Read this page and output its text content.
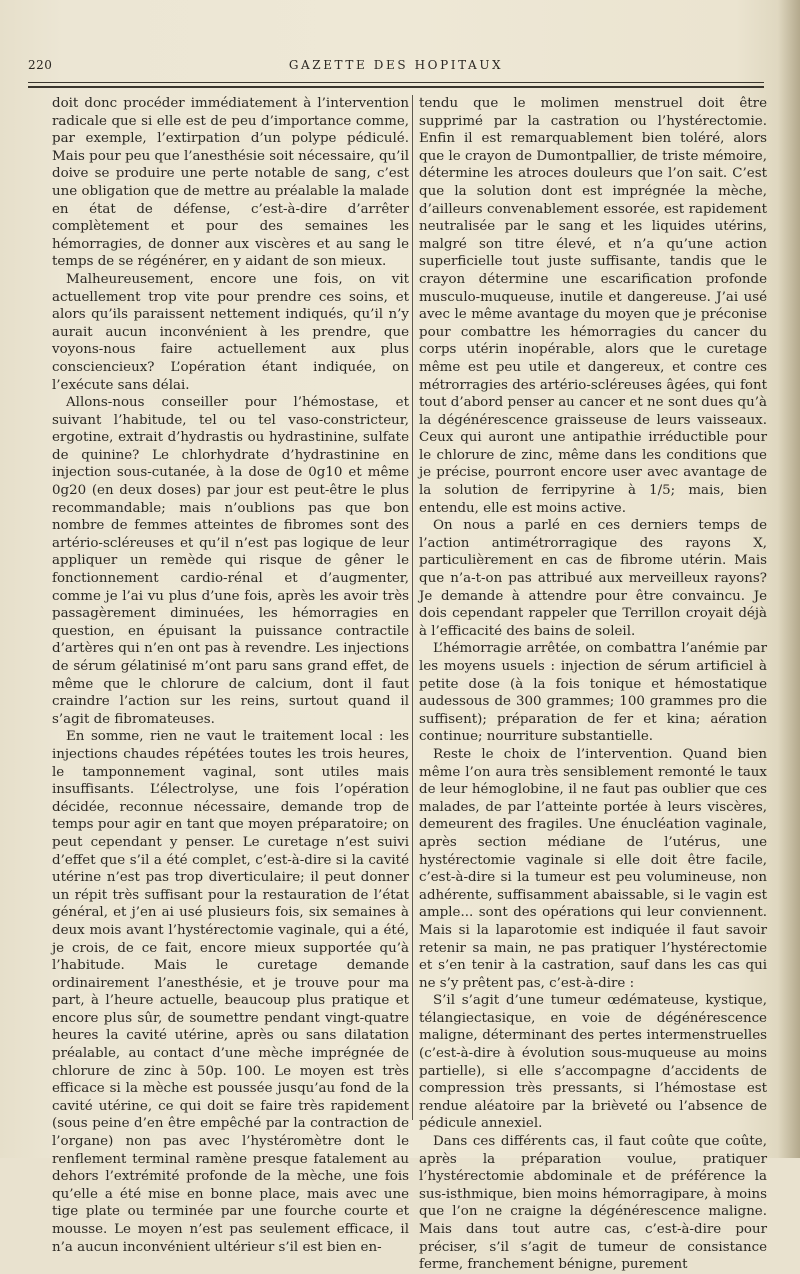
220	GAZETTE DES HOPITAUX

doit donc procéder immédiatement à l’intervention radicale que si elle est de peu d’importance comme, par exemple, l’extirpation d’un polype pédiculé. Mais pour peu que l’anesthésie soit nécessaire, qu’il doive se produire une perte notable de sang, c’est une obligation que de mettre au préalable la malade en état de défense, c’est-à-dire d’arrêter complètement et pour des semaines les hémorragies, de donner aux viscères et au sang le temps de se régénérer, en y aidant de son mieux.

Malheureusement, encore une fois, on vit actuellement trop vite pour prendre ces soins, et alors qu’ils paraissent nettement indiqués, qu’il n’y aurait aucun inconvénient à les prendre, que voyons-nous faire actuellement aux plus consciencieux? L’opération étant indiquée, on l’exécute sans délai.

Allons-nous conseiller pour l’hémostase, et suivant l’habitude, tel ou tel vaso-constricteur, ergotine, extrait d’hydrastis ou hydrastinine, sulfate de quinine? Le chlorhydrate d’hydrastinine en injection sous-cutanée, à la dose de 0g10 et même 0g20 (en deux doses) par jour est peut-être le plus recommandable; mais n’oublions pas que bon nombre de femmes atteintes de fibromes sont des artério-scléreuses et qu’il n’est pas logique de leur appliquer un remède qui risque de gêner le fonctionnement cardio-rénal et d’augmenter, comme je l’ai vu plus d’une fois, après les avoir très passagèrement diminuées, les hémorragies en question, en épuisant la puissance contractile d’artères qui n’en ont pas à revendre. Les injections de sérum gélatinisé m’ont paru sans grand effet, de même que le chlorure de calcium, dont il faut craindre l’action sur les reins, surtout quand il s’agit de fibromateuses.

En somme, rien ne vaut le traitement local : les injections chaudes répétées toutes les trois heures, le tamponnement vaginal, sont utiles mais insuffisants. L’électrolyse, une fois l’opération décidée, reconnue nécessaire, demande trop de temps pour agir en tant que moyen préparatoire; on peut cependant y penser. Le curetage n’est suivi d’effet que s’il a été complet, c’est-à-dire si la cavité utérine n’est pas trop diverticulaire; il peut donner un répit très suffisant pour la restauration de l’état général, et j’en ai usé plusieurs fois, six semaines à deux mois avant l’hystérectomie vaginale, qui a été, je crois, de ce fait, encore mieux supportée qu’à l’habitude. Mais le curetage demande ordinairement l’anesthésie, et je trouve pour ma part, à l’heure actuelle, beaucoup plus pratique et encore plus sûr, de soumettre pendant vingt-quatre heures la cavité utérine, après ou sans dilatation préalable, au contact d’une mèche imprégnée de chlorure de zinc à 50p. 100. Le moyen est très efficace si la mèche est poussée jusqu’au fond de la cavité utérine, ce qui doit se faire très rapidement (sous peine d’en être empêché par la contraction de l’organe) non pas avec l’hystéromètre dont le renflement terminal ramène presque fatalement au dehors l’extrémité profonde de la mèche, une fois qu’elle a été mise en bonne place, mais avec une tige plate ou terminée par une fourche courte et mousse. Le moyen n’est pas seulement efficace, il n’a aucun inconvénient ultérieur s’il est bien en-

tendu que le molimen menstruel doit être supprimé par la castration ou l’hystérectomie. Enfin il est remarquablement bien toléré, alors que le crayon de Dumontpallier, de triste mémoire, détermine les atroces douleurs que l’on sait. C’est que la solution dont est imprégnée la mèche, d’ailleurs convenablement essorée, est rapidement neutralisée par le sang et les liquides utérins, malgré son titre élevé, et n’a qu’une action superficielle tout juste suffisante, tandis que le crayon détermine une escarification profonde musculo-muqueuse, inutile et dangereuse. J’ai usé avec le même avantage du moyen que je préconise pour combattre les hémorragies du cancer du corps utérin inopérable, alors que le curetage même est peu utile et dangereux, et contre ces métrorragies des artério-scléreuses âgées, qui font tout d’abord penser au cancer et ne sont dues qu’à la dégénérescence graisseuse de leurs vaisseaux. Ceux qui auront une antipathie irréductible pour le chlorure de zinc, même dans les conditions que je précise, pourront encore user avec avantage de la solution de ferripyrine à 1/5; mais, bien entendu, elle est moins active.

On nous a parlé en ces derniers temps de l’action antimétrorragique des rayons X, particulièrement en cas de fibrome utérin. Mais que n’a-t-on pas attribué aux merveilleux rayons? Je demande à attendre pour être convaincu. Je dois cependant rappeler que Terrillon croyait déjà à l’efficacité des bains de soleil.

L’hémorragie arrêtée, on combattra l’anémie par les moyens usuels : injection de sérum artificiel à petite dose (à la fois tonique et hémostatique audessous de 300 grammes; 100 grammes pro die suffisent); préparation de fer et kina; aération continue; nourriture substantielle.

Reste le choix de l’intervention. Quand bien même l’on aura très sensiblement remonté le taux de leur hémoglobine, il ne faut pas oublier que ces malades, de par l’atteinte portée à leurs viscères, demeurent des fragiles. Une énucléation vaginale, après section médiane de l’utérus, une hystérectomie vaginale si elle doit être facile, c’est-à-dire si la tumeur est peu volumineuse, non adhérente, suffisamment abaissable, si le vagin est ample... sont des opérations qui leur conviennent. Mais si la laparotomie est indiquée il faut savoir retenir sa main, ne pas pratiquer l’hystérectomie et s’en tenir à la castration, sauf dans les cas qui ne s’y prêtent pas, c’est-à-dire :

S’il s’agit d’une tumeur œdémateuse, kystique, télangiectasique, en voie de dégénérescence maligne, déterminant des pertes intermenstruelles (c’est-à-dire à évolution sous-muqueuse au moins partielle), si elle s’accompagne d’accidents de compression très pressants, si l’hémostase est rendue aléatoire par la brièveté ou l’absence de pédicule annexiel.

Dans ces différents cas, il faut coûte que coûte, après la préparation voulue, pratiquer l’hystérectomie abdominale et de préférence la sus-isthmique, bien moins hémorragipare, à moins que l’on ne craigne la dégénérescence maligne. Mais dans tout autre cas, c’est-à-dire pour préciser, s’il s’agit de tumeur de consistance ferme, franchement bénigne, purement
